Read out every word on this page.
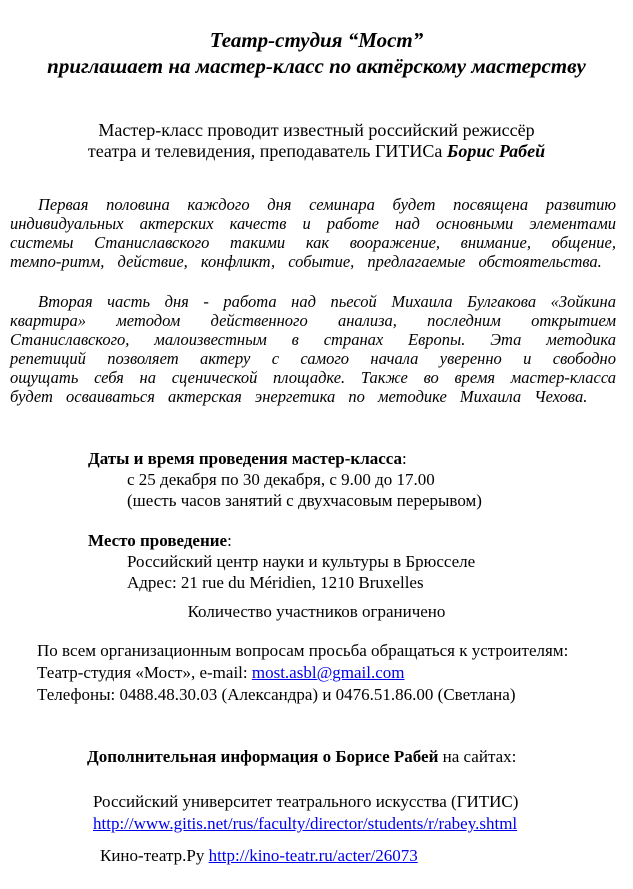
Театр-студия “Мост”
приглашает на мастер-класс по актёрскому мастерству

Мастер-класс проводит известный российский режиссёр
театра и телевидения, преподаватель ГИТИСа Борис Рабей

Первая половина каждого дня семинара будет посвящена развитию индивидуальных актерских качеств и работе над основными элементами системы Станиславского такими как вооражение, внимание, общение, темпо-ритм, действие, конфликт, событие, предлагаемые обстоятельства.

Вторая часть дня - работа над пьесой Михаила Булгакова «Зойкина квартира» методом действенного анализа, последним открытием Станиславского, малоизвестным в странах Европы. Эта методика репетиций позволяет актеру с самого начала уверенно и свободно ощущать себя на сценической площадке. Также во время мастер-класса будет осваиваться актерская энергетика по методике Михаила Чехова.

Даты и время проведения мастер-класса:
с 25 декабря по 30 декабря, с 9.00 до 17.00
(шесть часов занятий с двухчасовым перерывом)
Место проведение:
Российский центр науки и культуры в Брюсселе
Адрес: 21 rue du Méridien, 1210 Bruxelles
Количество участников ограничено
По всем организационным вопросам просьба обращаться к устроителям:
Театр-студия «Мост», e-mail: most.asbl@gmail.com
Телефоны: 0488.48.30.03 (Александра) и 0476.51.86.00 (Светлана)
Дополнительная информация о Борисе Рабей на сайтах:
Российский университет театрального искусства (ГИТИС)
http://www.gitis.net/rus/faculty/director/students/r/rabey.shtml
Кино-театр.Ру http://kino-teatr.ru/acter/26073
